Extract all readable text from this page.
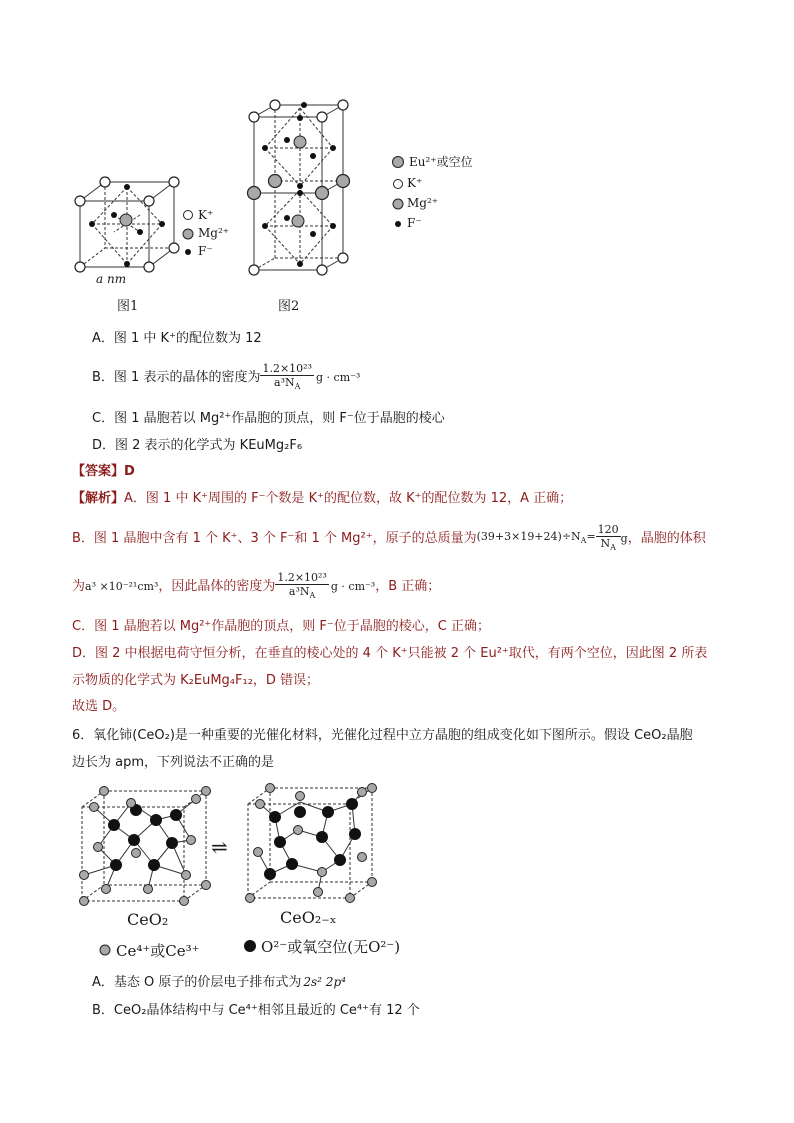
K⁺
Mg²⁺
F⁻
a nm
图1
Eu²⁺或空位
K⁺
Mg²⁺
F⁻
图2
A．图 1 中 K⁺的配位数为 12
B．图 1 表示的晶体的密度为 $\frac{\text{1.2×10²³}}{a^3N_A}$ g · cm⁻³
C．图 1 晶胞若以 Mg²⁺作晶胞的顶点，则 F⁻位于晶胞的棱心
D．图 2 表示的化学式为 KEuMg₂F₆
【答案】D
【解析】A．图 1 中 K⁺周围的 F⁻个数是 K⁺的配位数，故 K⁺的配位数为 12，A 正确；
B．图 1 晶胞中含有 1 个 K⁺、3 个 F⁻和 1 个 Mg²⁺，原子的总质量为 $(39+3\times 19+24)\div N_A= \frac{120}{N_A}$ g ，晶胞的体积
为 a³ ×10⁻²¹cm³ ，因此晶体的密度为 $\frac{\text{1.2×10²³}}{a^3N_A}$ g · cm⁻³ ，B 正确；
C．图 1 晶胞若以 Mg²⁺作晶胞的顶点，则 F⁻位于晶胞的棱心，C 正确；
D．图 2 中根据电荷守恒分析，在垂直的棱心处的 4 个 K⁺只能被 2 个 Eu²⁺取代，有两个空位，因此图 2 所表
示物质的化学式为 K₂EuMg₄F₁₂，D 错误；
故选 D。
6．氧化铈(CeO₂)是一种重要的光催化材料，光催化过程中立方晶胞的组成变化如下图所示。假设 CeO₂晶胞
边长为 apm，下列说法不正确的是
⇌
CeO₂	CeO₂₋ₓ
Ce⁴⁺或Ce³⁺	O²⁻或氧空位(无O²⁻)
A．基态 O 原子的价层电子排布式为 2s² 2p⁴
B．CeO₂晶体结构中与 Ce⁴⁺相邻且最近的 Ce⁴⁺有 12 个
